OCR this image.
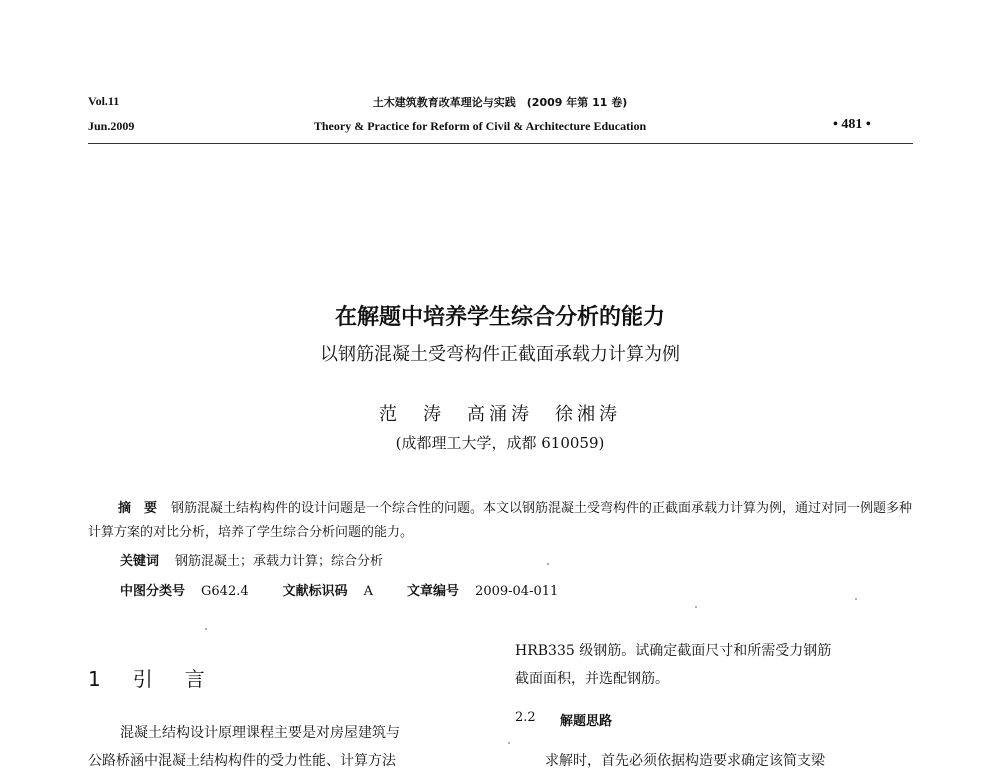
Vol.11
Jun.2009
土木建筑教育改革理论与实践　(2009 年第 11 卷)
Theory & Practice for Reform of Civil & Architecture Education	• 481 •
在解题中培养学生综合分析的能力
以钢筋混凝土受弯构件正截面承载力计算为例
范　涛　高涌涛　徐湘涛
(成都理工大学，成都 610059)
摘　要 钢筋混凝土结构构件的设计问题是一个综合性的问题。本文以钢筋混凝土受弯构件的正截面承载力计算为例，通过对同一例题多种计算方案的对比分析，培养了学生综合分析问题的能力。
关键词 钢筋混凝土；承载力计算；综合分析
中图分类号 G642.4	文献标识码 A	文章编号 2009-04-011
1　引　言
混凝土结构设计原理课程主要是对房屋建筑与
公路桥涵中混凝土结构构件的受力性能、计算方法
HRB335 级钢筋。试确定截面尺寸和所需受力钢筋
截面面积，并选配钢筋。
2.2 解题思路
求解时，首先必须依据构造要求确定该简支梁
